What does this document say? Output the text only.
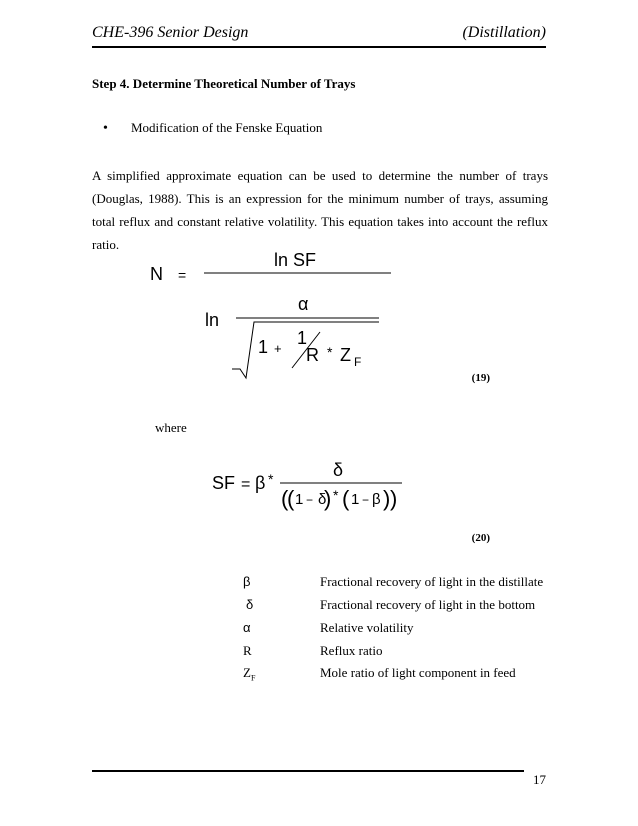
CHE-396 Senior Design	(Distillation)
Step 4. Determine Theoretical Number of Trays
• Modification of the Fenske Equation
A simplified approximate equation can be used to determine the number of trays (Douglas, 1988). This is an expression for the minimum number of trays, assuming total reflux and constant relative volatility. This equation takes into account the reflux ratio.
N =
ln SF
ln
α
1 +
1
R * Z F
(19)
where
SF = β *	δ
(
( 1 − δ
) * ( 1 − β ) )
(20)
β	Fractional recovery of light in the distillate
δ	Fractional recovery of light in the bottom
α	Relative volatility
R	Reflux ratio
$Z_F$	Mole ratio of light component in feed
17
